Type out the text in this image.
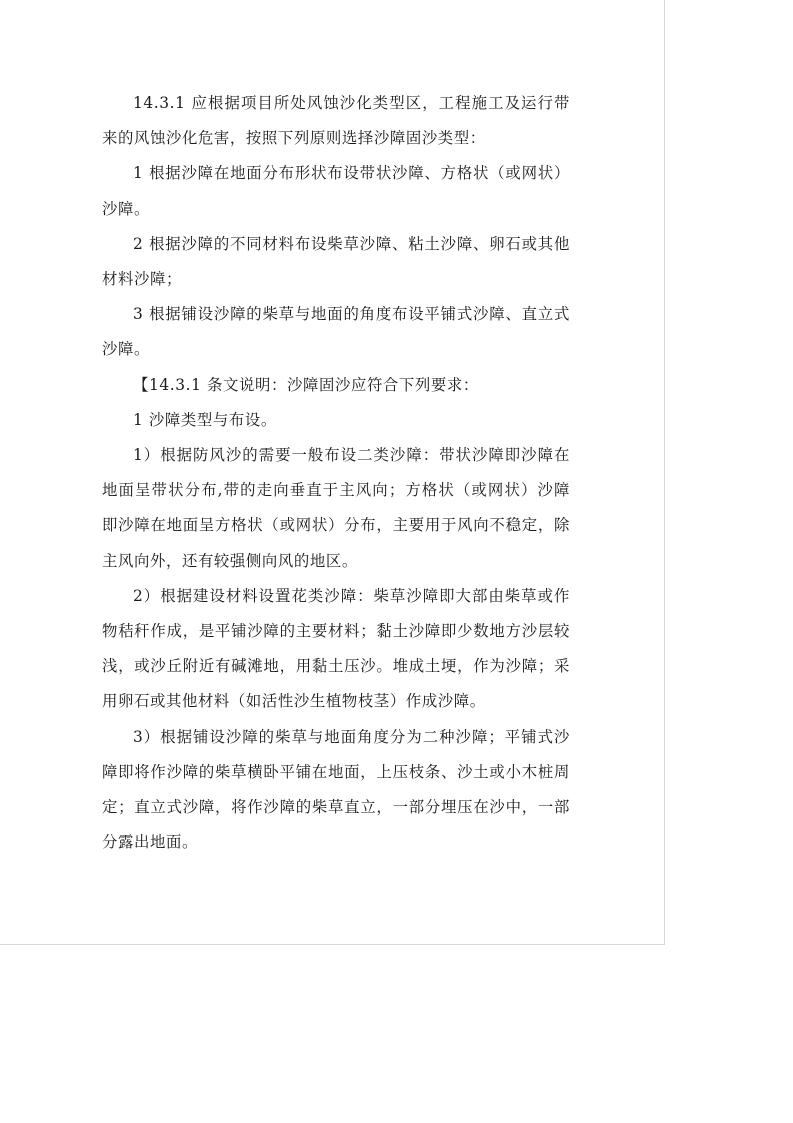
14.3.1 应根据项目所处风蚀沙化类型区，工程施工及运行带来的风蚀沙化危害，按照下列原则选择沙障固沙类型：

1 根据沙障在地面分布形状布设带状沙障、方格状（或网状）沙障。

2 根据沙障的不同材料布设柴草沙障、粘土沙障、卵石或其他材料沙障；

3 根据铺设沙障的柴草与地面的角度布设平铺式沙障、直立式沙障。

【14.3.1 条文说明：沙障固沙应符合下列要求：

1 沙障类型与布设。

1）根据防风沙的需要一般布设二类沙障：带状沙障即沙障在地面呈带状分布,带的走向垂直于主风向；方格状（或网状）沙障即沙障在地面呈方格状（或网状）分布，主要用于风向不稳定，除主风向外，还有较强侧向风的地区。

2）根据建设材料设置花类沙障：柴草沙障即大部由柴草或作物秸秆作成，是平铺沙障的主要材料；黏土沙障即少数地方沙层较浅，或沙丘附近有碱滩地，用黏土压沙。堆成土埂，作为沙障；采用卵石或其他材料（如活性沙生植物枝茎）作成沙障。

3）根据铺设沙障的柴草与地面角度分为二种沙障；平铺式沙障即将作沙障的柴草横卧平铺在地面，上压枝条、沙土或小木桩周定；直立式沙障，将作沙障的柴草直立，一部分埋压在沙中，一部分露出地面。
